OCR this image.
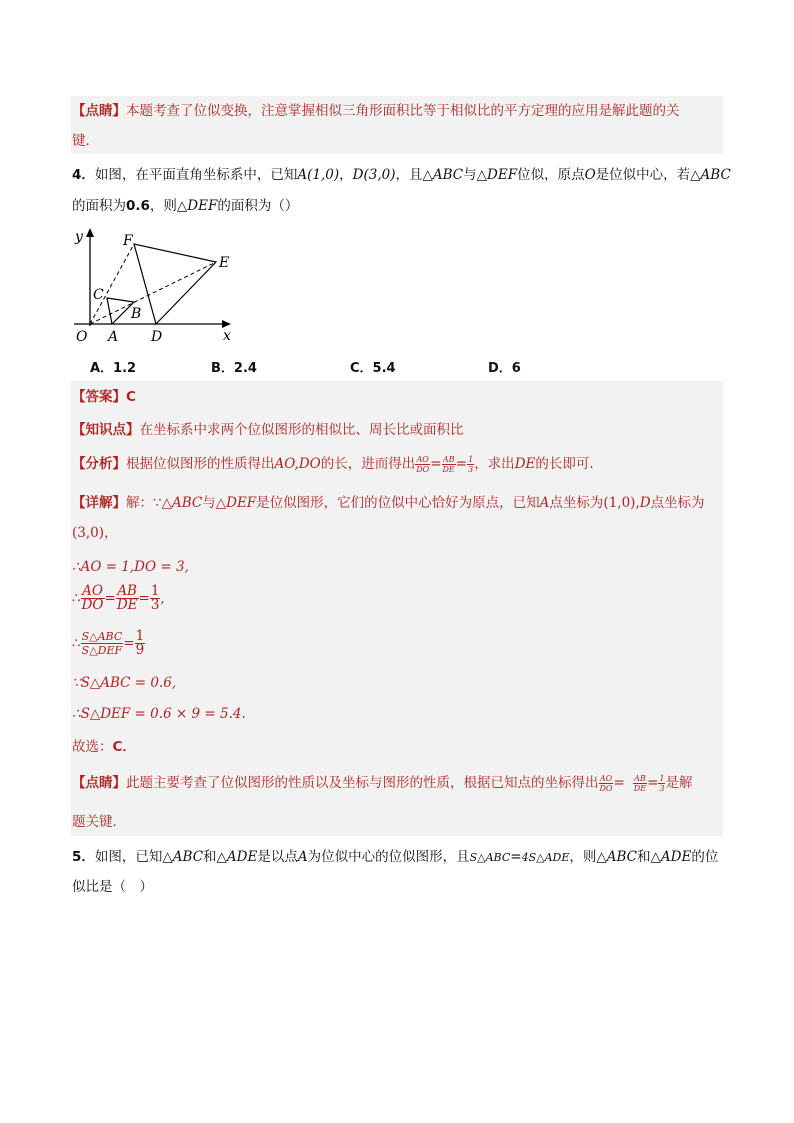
【点睛】本题考查了位似变换，注意掌握相似三角形面积比等于相似比的平方定理的应用是解此题的关
键．
4．如图，在平面直角坐标系中，已知A(1,0)，D(3,0)，且△ABC与△DEF位似，原点O是位似中心，若△ABC
的面积为0.6，则△DEF的面积为（）
y
x
O A
B
C
D
E
F
A．1.2	B．2.4	C．5.4	D．6
【答案】C
【知识点】在坐标系中求两个位似图形的相似比、周长比或面积比
【分析】根据位似图形的性质得出AO,DO的长，进而得出 $\frac{AO}{DO} = \frac{AB}{DE} = \frac{1}{3}$ ，求出DE的长即可．
【详解】解：∵△ABC与△DEF是位似图形，它们的位似中心恰好为原点，已知A点坐标为(1,0),D点坐标为
(3,0)，
∴AO = 1,DO = 3,
∴ $\frac{AO}{DO} = \frac{AB}{DE} = \frac{1}{3}$ ,
∴ $\frac{\text{S△ABC}}{\text{S△DEF}} = \frac{1}{9}$
∵S△ABC = 0.6,
∴S△DEF = 0.6 × 9 = 5.4.
故选：C．
【点睛】此题主要考查了位似图形的性质以及坐标与图形的性质，根据已知点的坐标得出 $\frac{AO}{DO} = \frac{AB}{DE} = \frac{1}{3}$ 是解
题关键．
5．如图，已知△ABC和△ADE是以点A为位似中心的位似图形，且S△ABC=4S△ADE，则△ABC和△ADE的位
似比是（　）
